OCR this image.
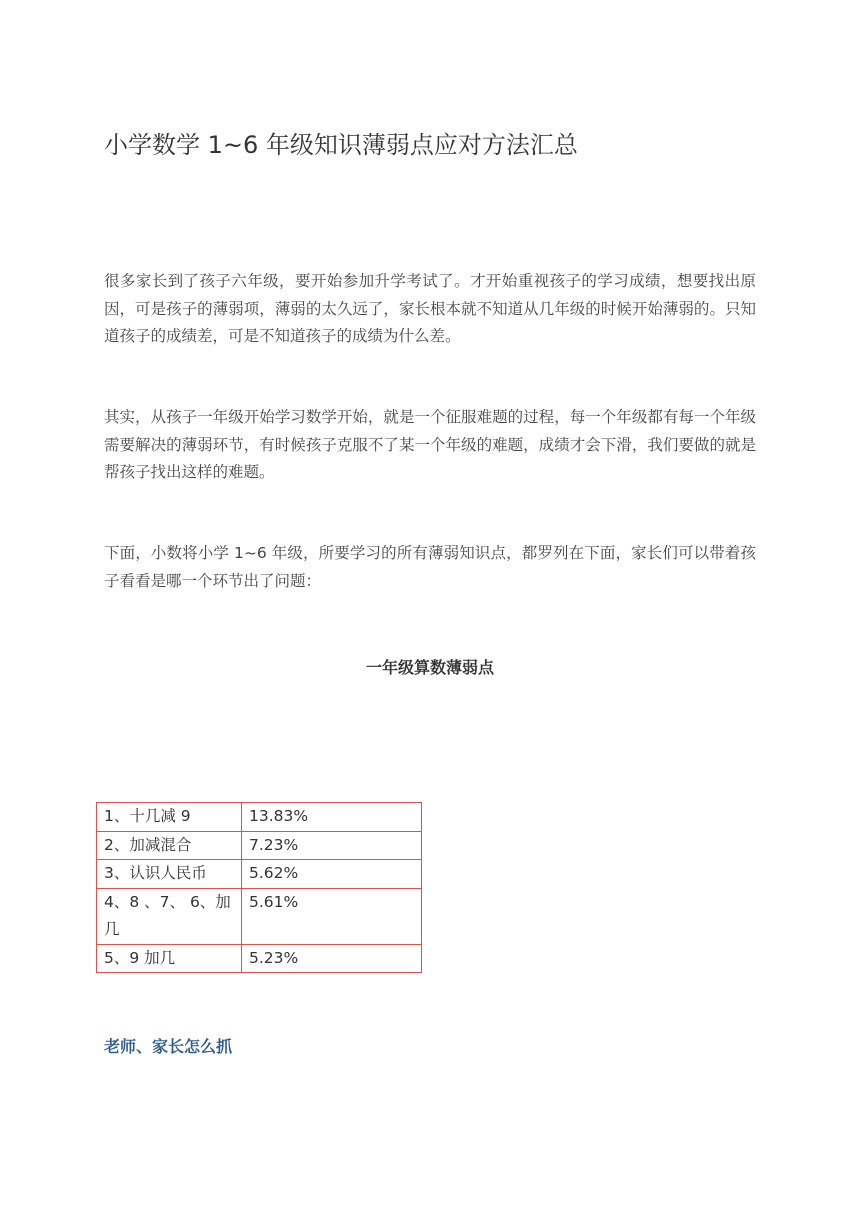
小学数学 1~6 年级知识薄弱点应对方法汇总

很多家长到了孩子六年级，要开始参加升学考试了。才开始重视孩子的学习成绩，想要找出原因，可是孩子的薄弱项，薄弱的太久远了，家长根本就不知道从几年级的时候开始薄弱的。只知道孩子的成绩差，可是不知道孩子的成绩为什么差。

其实，从孩子一年级开始学习数学开始，就是一个征服难题的过程，每一个年级都有每一个年级需要解决的薄弱环节，有时候孩子克服不了某一个年级的难题，成绩才会下滑，我们要做的就是帮孩子找出这样的难题。

下面，小数将小学 1~6 年级，所要学习的所有薄弱知识点，都罗列在下面，家长们可以带着孩子看看是哪一个环节出了问题：

一年级算数薄弱点
1、十几减 9	13.83%
2、加减混合	7.23%
3、认识人民币	5.62%
4、8 、7、 6、加几	5.61%
5、9 加几	5.23%
老师、家长怎么抓
